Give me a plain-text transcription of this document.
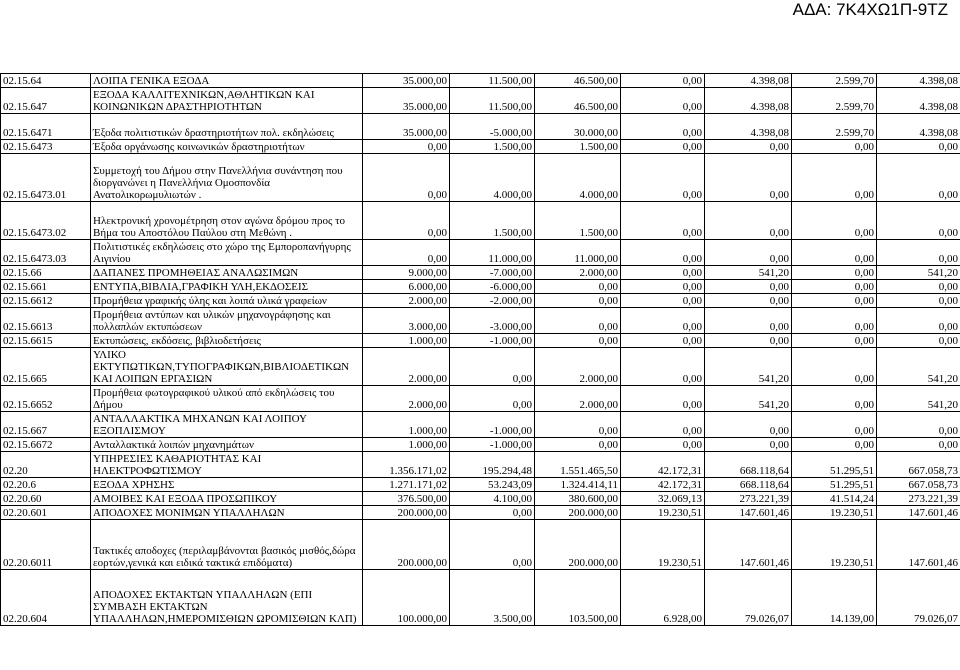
ΑΔΑ: 7Κ4ΧΩ1Π-9ΤΖ
02.15.64	ΛΟΙΠΑ ΓΕΝΙΚΑ ΕΞΟΔΑ	35.000,00	11.500,00	46.500,00	0,00	4.398,08	2.599,70	4.398,08
02.15.647	ΕΞΟΔΑ ΚΑΛΛΙΤΕΧΝΙΚΩΝ,ΑΘΛΗΤΙΚΩΝ ΚΑΙ ΚΟΙΝΩΝΙΚΩΝ ΔΡΑΣΤΗΡΙΟΤΗΤΩΝ	35.000,00	11.500,00	46.500,00	0,00	4.398,08	2.599,70	4.398,08
02.15.6471	Έξοδα πολιτιστικών δραστηριοτήτων πολ. εκδηλώσεις	35.000,00	-5.000,00	30.000,00	0,00	4.398,08	2.599,70	4.398,08
02.15.6473	Έξοδα οργάνωσης κοινωνικών δραστηριοτήτων	0,00	1.500,00	1.500,00	0,00	0,00	0,00	0,00
02.15.6473.01	Συμμετοχή του Δήμου στην Πανελλήνια συνάντηση που διοργανώνει η Πανελλήνια Ομοσπονδία Ανατολικορωμυλιωτών .	0,00	4.000,00	4.000,00	0,00	0,00	0,00	0,00
02.15.6473.02	Ηλεκτρονική χρονομέτρηση στον αγώνα δρόμου προς το Βήμα του Αποστόλου Παύλου στη Μεθώνη .	0,00	1.500,00	1.500,00	0,00	0,00	0,00	0,00
02.15.6473.03	Πολιτιστικές εκδηλώσεις στο χώρο της Εμπoροπανήγυρης Αιγινίου	0,00	11.000,00	11.000,00	0,00	0,00	0,00	0,00
02.15.66	ΔΑΠΑΝΕΣ ΠΡΟΜΗΘΕΙΑΣ ΑΝΑΛΩΣΙΜΩΝ	9.000,00	-7.000,00	2.000,00	0,00	541,20	0,00	541,20
02.15.661	ΕΝΤΥΠΑ,ΒΙΒΛΙΑ,ΓΡΑΦΙΚΗ ΥΛΗ,ΕΚΔΟΣΕΙΣ	6.000,00	-6.000,00	0,00	0,00	0,00	0,00	0,00
02.15.6612	Προμήθεια γραφικής ύλης και λοιπά υλικά γραφείων	2.000,00	-2.000,00	0,00	0,00	0,00	0,00	0,00
02.15.6613	Προμήθεια αντύπων και υλικών μηχανογράφησης και πολλαπλών εκτυπώσεων	3.000,00	-3.000,00	0,00	0,00	0,00	0,00	0,00
02.15.6615	Εκτυπώσεις, εκδόσεις, βιβλιοδετήσεις	1.000,00	-1.000,00	0,00	0,00	0,00	0,00	0,00
02.15.665	ΥΛΙΚΟ ΕΚΤΥΠΩΤΙΚΩΝ,ΤΥΠΟΓΡΑΦΙΚΩΝ,ΒΙΒΛΙΟΔΕΤΙΚΩΝ ΚΑΙ ΛΟΙΠΩΝ ΕΡΓΑΣΙΩΝ	2.000,00	0,00	2.000,00	0,00	541,20	0,00	541,20
02.15.6652	Προμήθεια φωτογραφικού υλικού από εκδηλώσεις του Δήμου	2.000,00	0,00	2.000,00	0,00	541,20	0,00	541,20
02.15.667	ΑΝΤΑΛΛΑΚΤΙΚΑ ΜΗΧΑΝΩΝ ΚΑΙ ΛΟΙΠΟΥ ΕΞΟΠΛΙΣΜΟΥ	1.000,00	-1.000,00	0,00	0,00	0,00	0,00	0,00
02.15.6672	Ανταλλακτικά λοιπών μηχανημάτων	1.000,00	-1.000,00	0,00	0,00	0,00	0,00	0,00
02.20	ΥΠΗΡΕΣΙΕΣ ΚΑΘΑΡΙΟΤΗΤΑΣ ΚΑΙ ΗΛΕΚΤΡΟΦΩΤΙΣΜΟΥ	1.356.171,02	195.294,48	1.551.465,50	42.172,31	668.118,64	51.295,51	667.058,73
02.20.6	ΕΞΟΔΑ ΧΡΗΣΗΣ	1.271.171,02	53.243,09	1.324.414,11	42.172,31	668.118,64	51.295,51	667.058,73
02.20.60	ΑΜΟΙΒΕΣ ΚΑΙ ΕΞΟΔΑ ΠΡΟΣΩΠΙΚΟΥ	376.500,00	4.100,00	380.600,00	32.069,13	273.221,39	41.514,24	273.221,39
02.20.601	ΑΠΟΔΟΧΕΣ ΜΟΝΙΜΩΝ ΥΠΑΛΛΗΛΩΝ	200.000,00	0,00	200.000,00	19.230,51	147.601,46	19.230,51	147.601,46
02.20.6011	Τακτικές αποδοχες (περιλαμβάνονται βασικός μισθός,δώρα εορτών,γενικά και ειδικά τακτικά επιδόματα)	200.000,00	0,00	200.000,00	19.230,51	147.601,46	19.230,51	147.601,46
02.20.604	ΑΠΟΔΟΧΕΣ ΕΚΤΑΚΤΩΝ ΥΠΑΛΛΗΛΩΝ (ΕΠΙ ΣΥΜΒΑΣΗ ΕΚΤΑΚΤΩΝ ΥΠΑΛΛΗΛΩΝ,ΗΜΕΡΟΜΙΣΘΙΩΝ ΩΡΟΜΙΣΘΙΩΝ ΚΛΠ)	100.000,00	3.500,00	103.500,00	6.928,00	79.026,07	14.139,00	79.026,07
